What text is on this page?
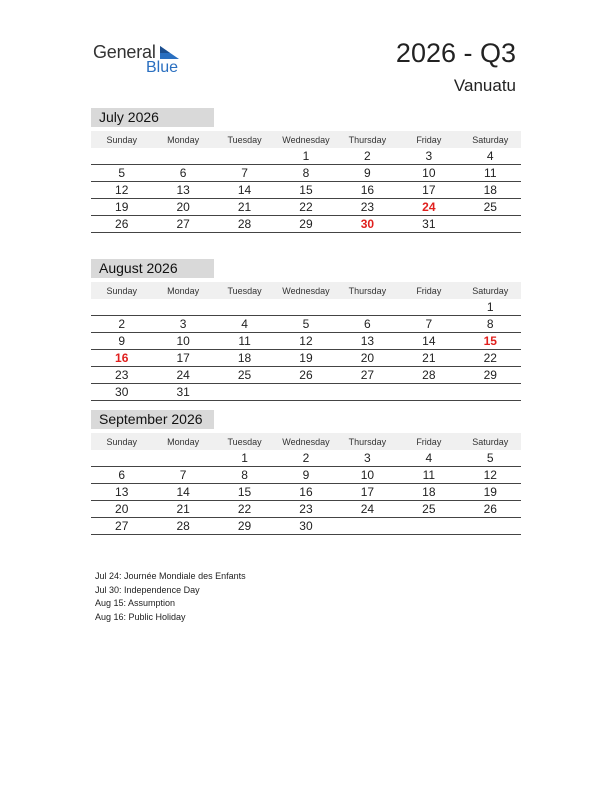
General
Blue	2026 - Q3
Vanuatu
July 2026
Sunday	Monday	Tuesday	Wednesday	Thursday	Friday	Saturday
			1	2	3	4
5	6	7	8	9	10	11
12	13	14	15	16	17	18
19	20	21	22	23	24	25
26	27	28	29	30	31	
August 2026
Sunday	Monday	Tuesday	Wednesday	Thursday	Friday	Saturday
						1
2	3	4	5	6	7	8
9	10	11	12	13	14	15
16	17	18	19	20	21	22
23	24	25	26	27	28	29
30	31					
September 2026
Sunday	Monday	Tuesday	Wednesday	Thursday	Friday	Saturday
		1	2	3	4	5
6	7	8	9	10	11	12
13	14	15	16	17	18	19
20	21	22	23	24	25	26
27	28	29	30			
Jul 24: Journée Mondiale des Enfants
Jul 30: Independence Day
Aug 15: Assumption
Aug 16: Public Holiday
